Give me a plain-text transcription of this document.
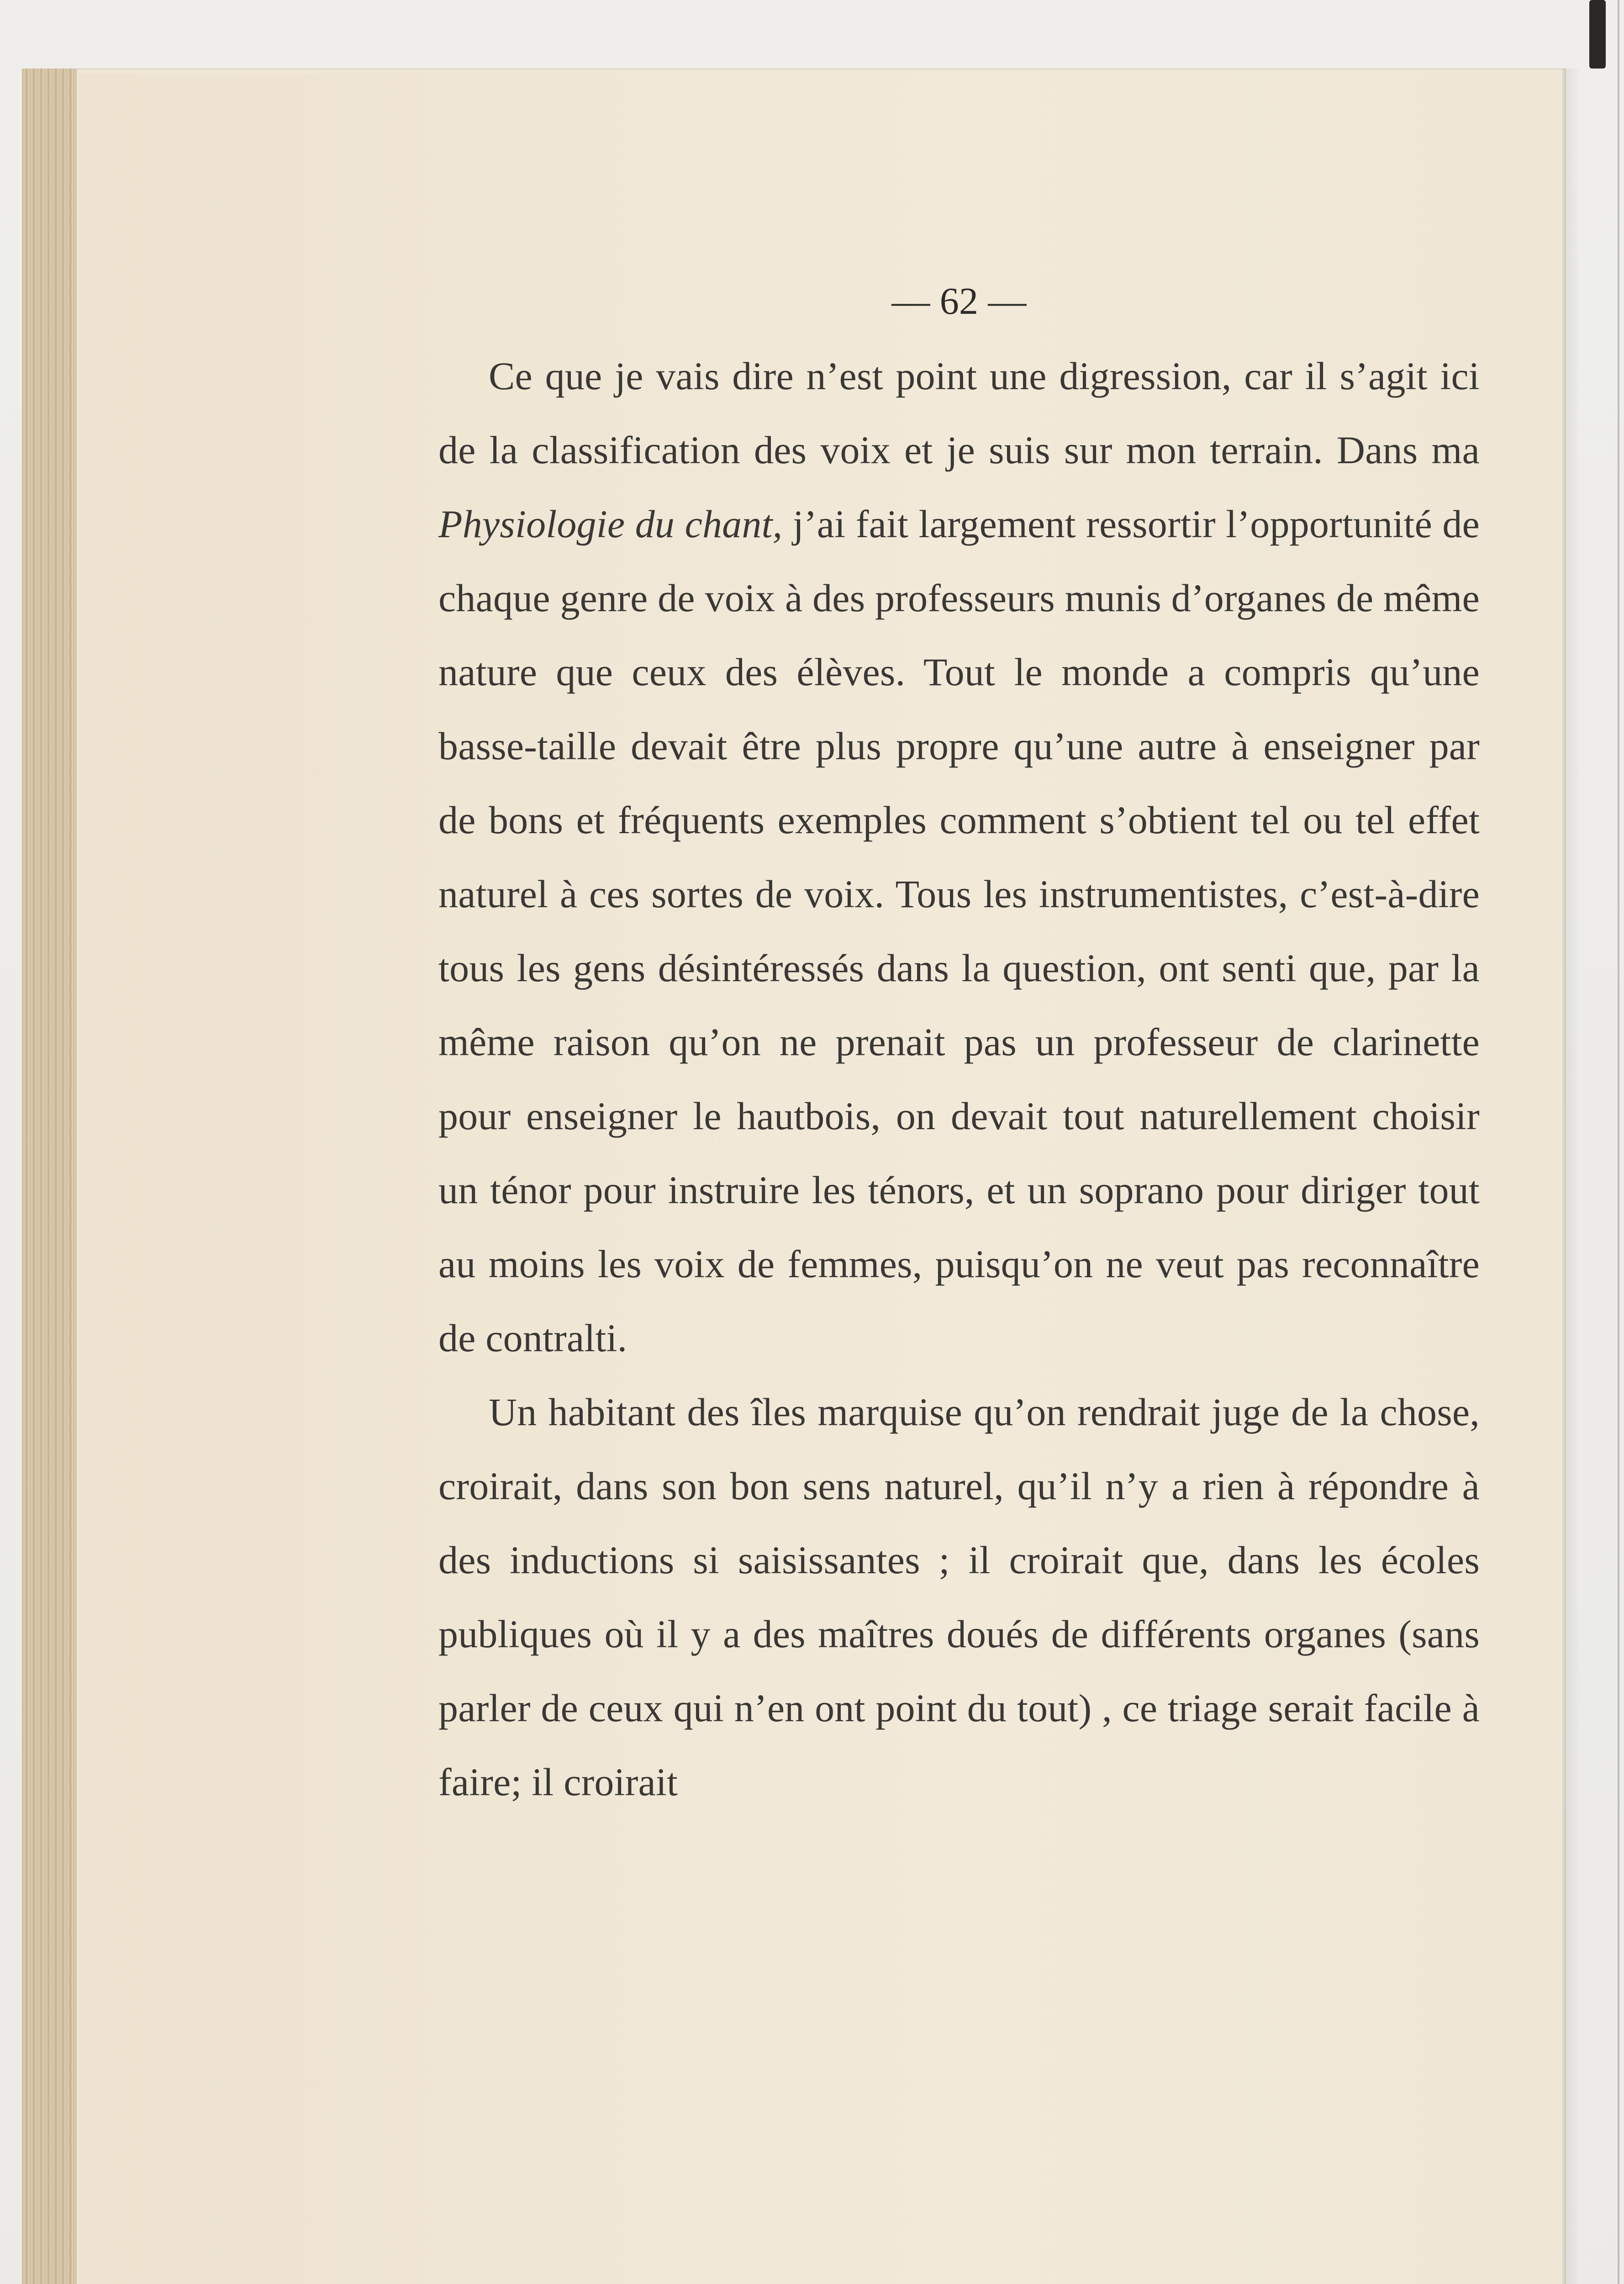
— 62 —

Ce que je vais dire n’est point une digression, car il s’agit ici de la classification des voix et je suis sur mon terrain. Dans ma Physiologie du chant, j’ai fait largement ressortir l’opportunité de chaque genre de voix à des professeurs munis d’organes de même nature que ceux des élèves. Tout le monde a compris qu’une basse-taille devait être plus propre qu’une autre à enseigner par de bons et fréquents exemples comment s’obtient tel ou tel effet naturel à ces sortes de voix. Tous les instrumentistes, c’est-à-dire tous les gens désintéressés dans la question, ont senti que, par la même raison qu’on ne prenait pas un professeur de clarinette pour enseigner le hautbois, on devait tout naturellement choisir un ténor pour instruire les ténors, et un soprano pour diriger tout au moins les voix de femmes, puisqu’on ne veut pas reconnaître de contralti.

Un habitant des îles marquise qu’on rendrait juge de la chose, croirait, dans son bon sens naturel, qu’il n’y a rien à répondre à des inductions si saisissantes ; il croirait que, dans les écoles publiques où il y a des maîtres doués de différents organes (sans parler de ceux qui n’en ont point du tout) , ce triage serait facile à faire; il croirait
